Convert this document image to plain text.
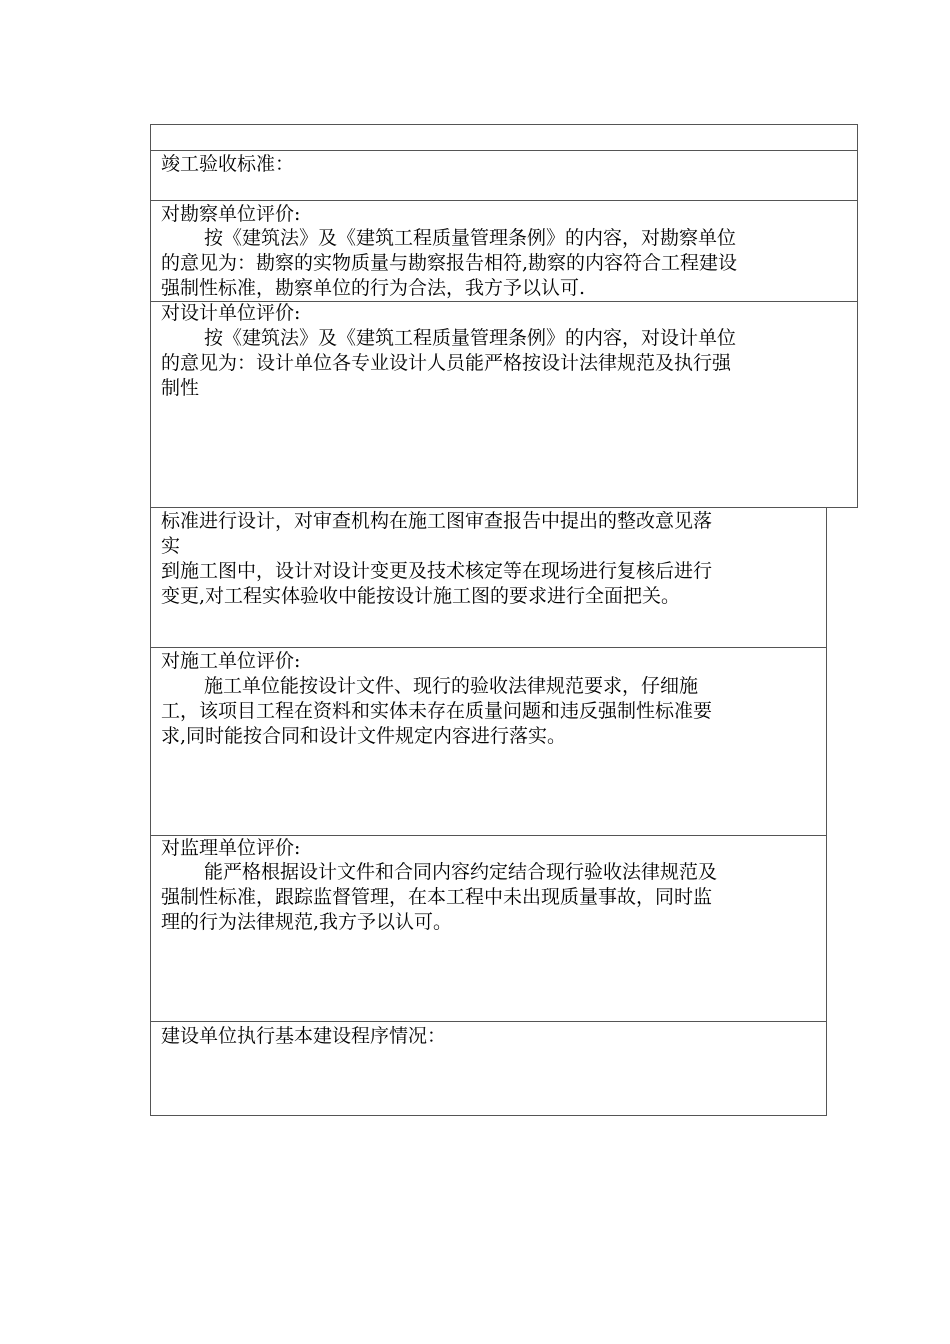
竣工验收标准：

对勘察单位评价:

按《建筑法》及《建筑工程质量管理条例》的内容，对勘察单位

的意见为：勘察的实物质量与勘察报告相符,勘察的内容符合工程建设

强制性标准，勘察单位的行为合法，我方予以认可.

对设计单位评价:

按《建筑法》及《建筑工程质量管理条例》的内容，对设计单位

的意见为：设计单位各专业设计人员能严格按设计法律规范及执行强

制性

标准进行设计，对审查机构在施工图审查报告中提出的整改意见落

实

到施工图中，设计对设计变更及技术核定等在现场进行复核后进行

变更,对工程实体验收中能按设计施工图的要求进行全面把关。

对施工单位评价:

施工单位能按设计文件、现行的验收法律规范要求，仔细施

工，该项目工程在资料和实体未存在质量问题和违反强制性标准要

求,同时能按合同和设计文件规定内容进行落实。

对监理单位评价:

能严格根据设计文件和合同内容约定结合现行验收法律规范及

强制性标准，跟踪监督管理，在本工程中未出现质量事故，同时监

理的行为法律规范,我方予以认可。

建设单位执行基本建设程序情况：
